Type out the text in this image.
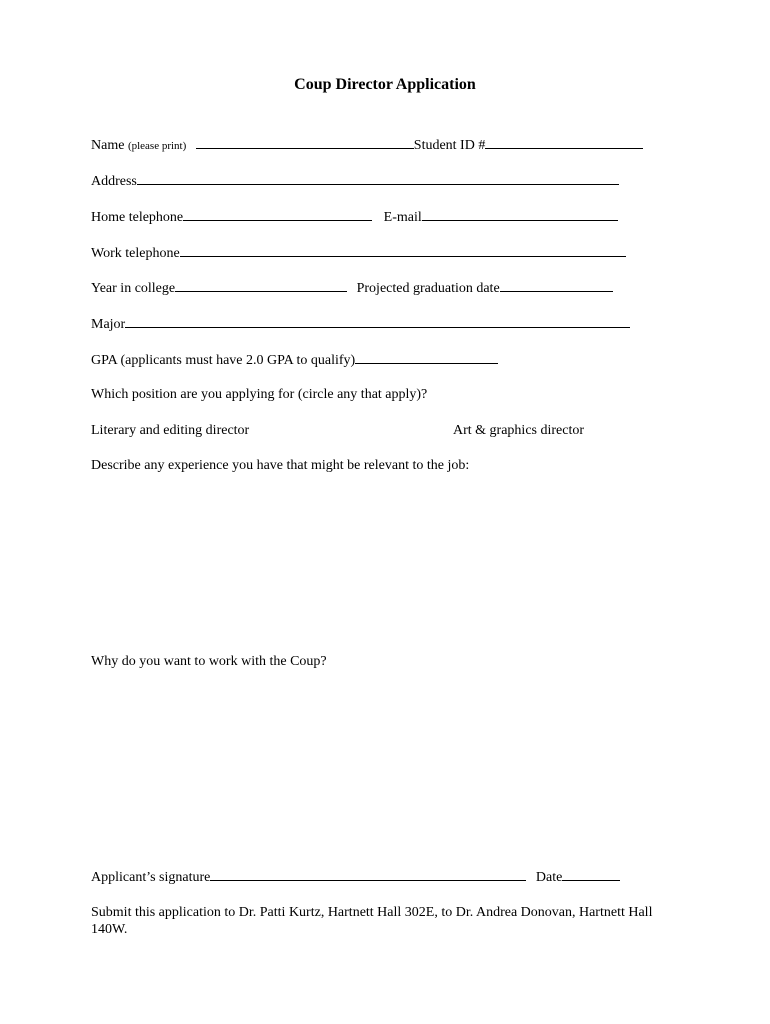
Coup Director Application
Name (please print)	Student ID #
Address
Home telephone	E-mail
Work telephone
Year in college	Projected graduation date
Major
GPA (applicants must have 2.0 GPA to qualify)
Which position are you applying for (circle any that apply)?
Literary and editing director	Art & graphics director
Describe any experience you have that might be relevant to the job:
Why do you want to work with the Coup?
Applicant’s signature	Date
Submit this application to Dr. Patti Kurtz, Hartnett Hall 302E, to Dr. Andrea Donovan, Hartnett Hall 140W.
